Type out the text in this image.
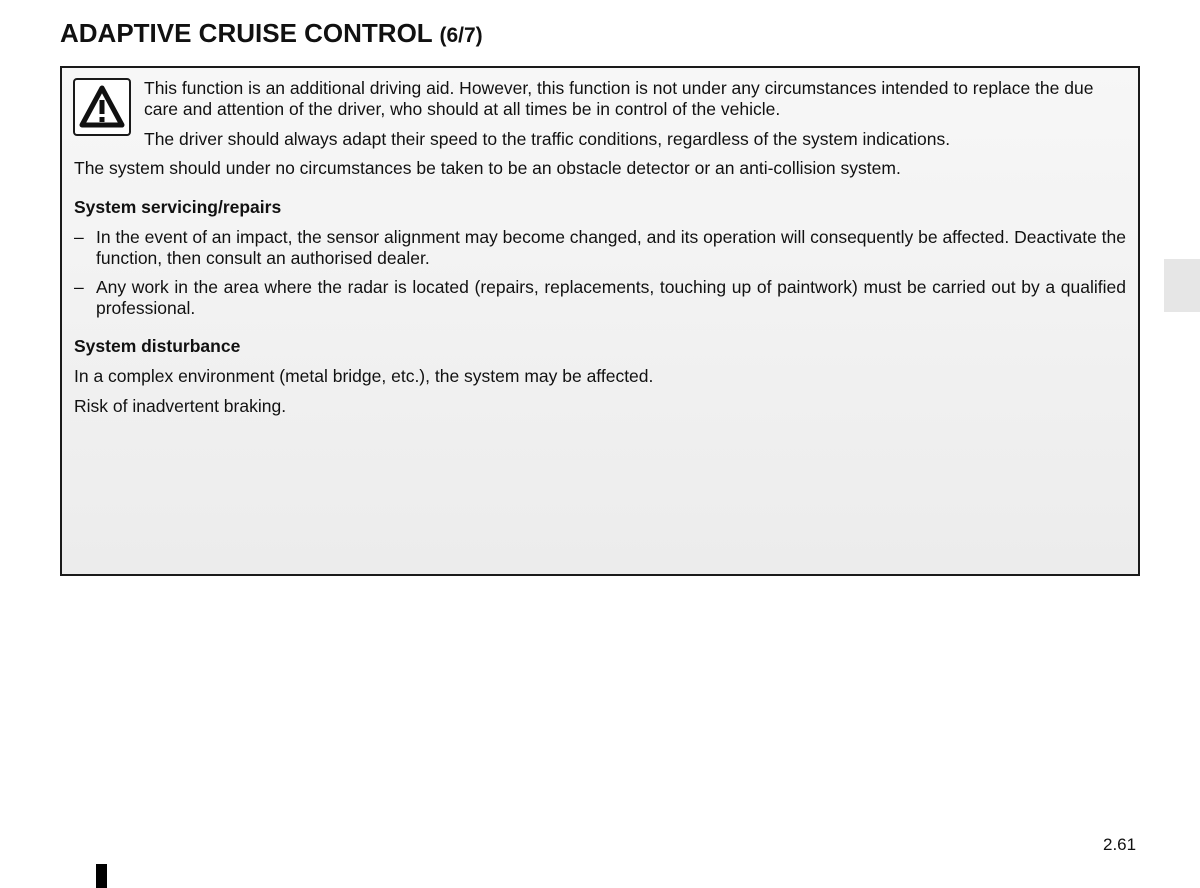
ADAPTIVE CRUISE CONTROL (6/7)

This function is an additional driving aid. However, this function is not under any circumstances intended to replace the due care and attention of the driver, who should at all times be in control of the vehicle.

The driver should always adapt their speed to the traffic conditions, regardless of the system indications.

The system should under no circumstances be taken to be an obstacle detector or an anti-collision system.

System servicing/repairs

– In the event of an impact, the sensor alignment may become changed, and its operation will consequently be affected. Deactivate the function, then consult an authorised dealer.
– Any work in the area where the radar is located (repairs, replacements, touching up of paintwork) must be carried out by a qualified professional.

System disturbance

In a complex environment (metal bridge, etc.), the system may be affected.

Risk of inadvertent braking.

2.61
